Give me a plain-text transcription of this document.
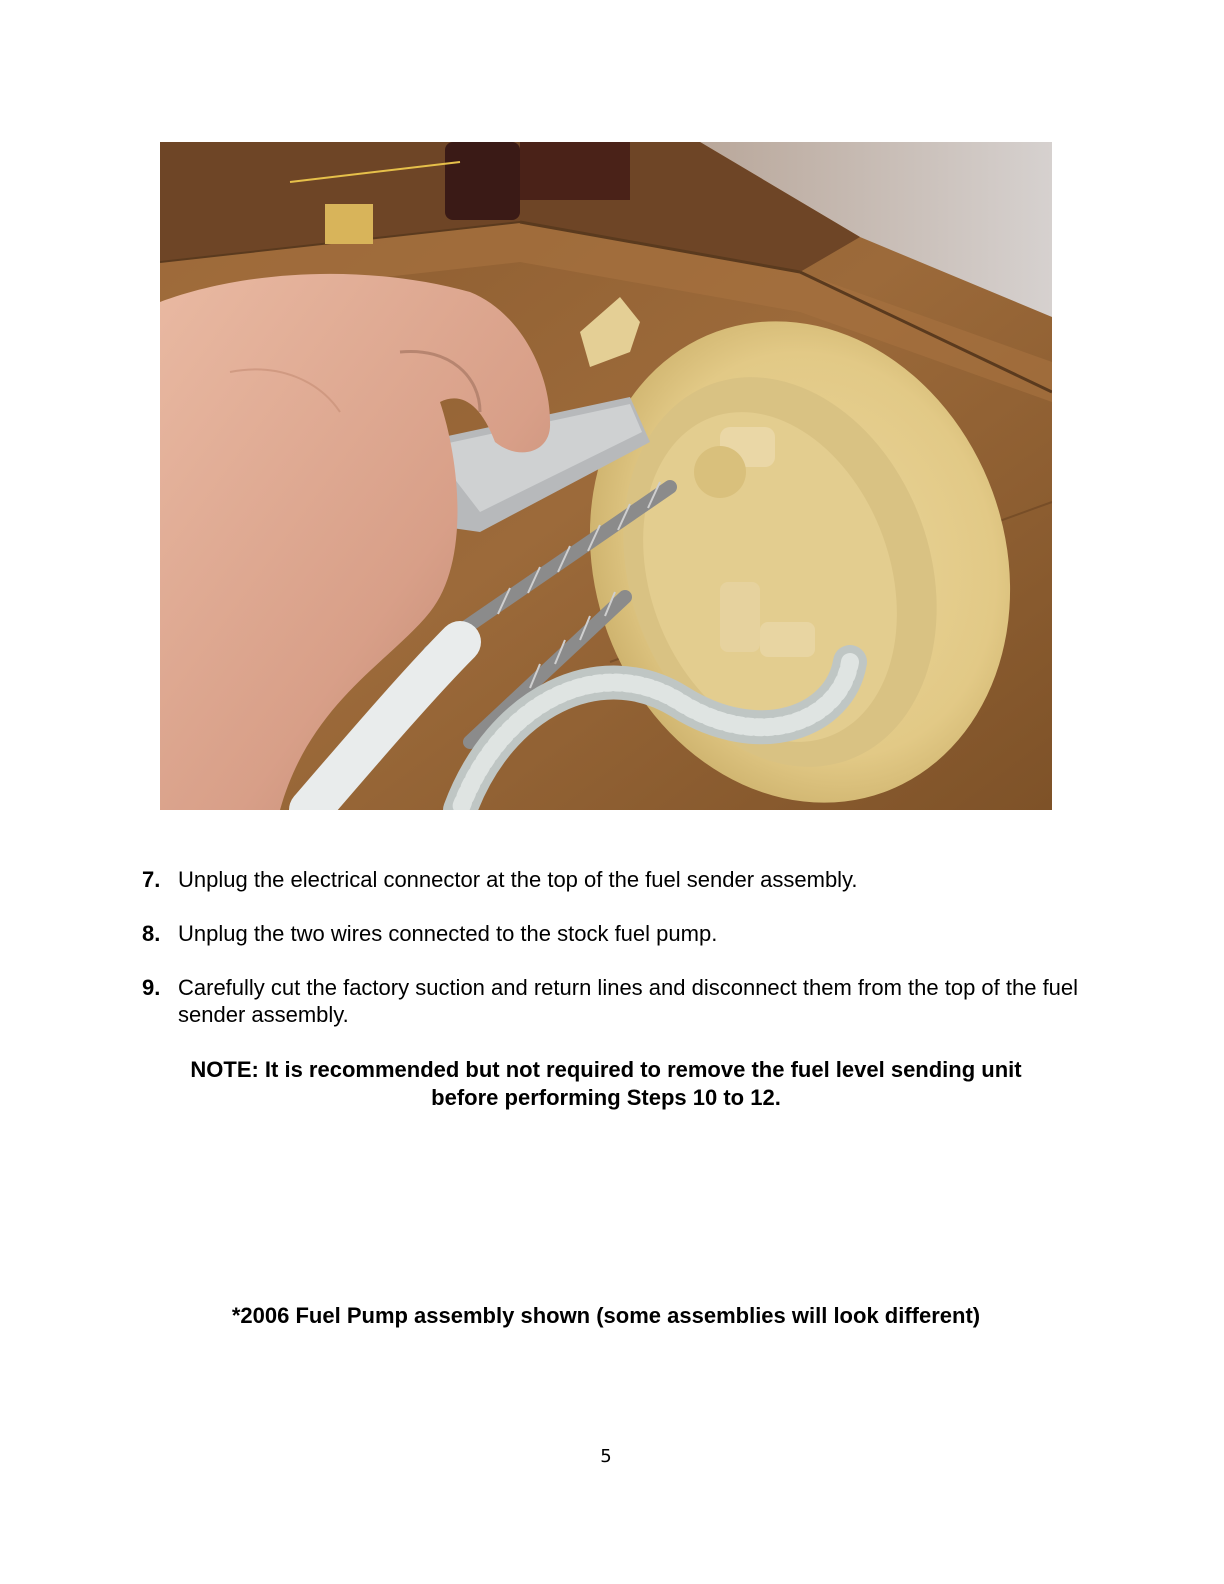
7. Unplug the electrical connector at the top of the fuel sender assembly.
8. Unplug the two wires connected to the stock fuel pump.
9. Carefully cut the factory suction and return lines and disconnect them from the top of the fuel sender assembly.
NOTE: It is recommended but not required to remove the fuel level sending unit
before performing Steps 10 to 12.
*2006 Fuel Pump assembly shown (some assemblies will look different)
5
